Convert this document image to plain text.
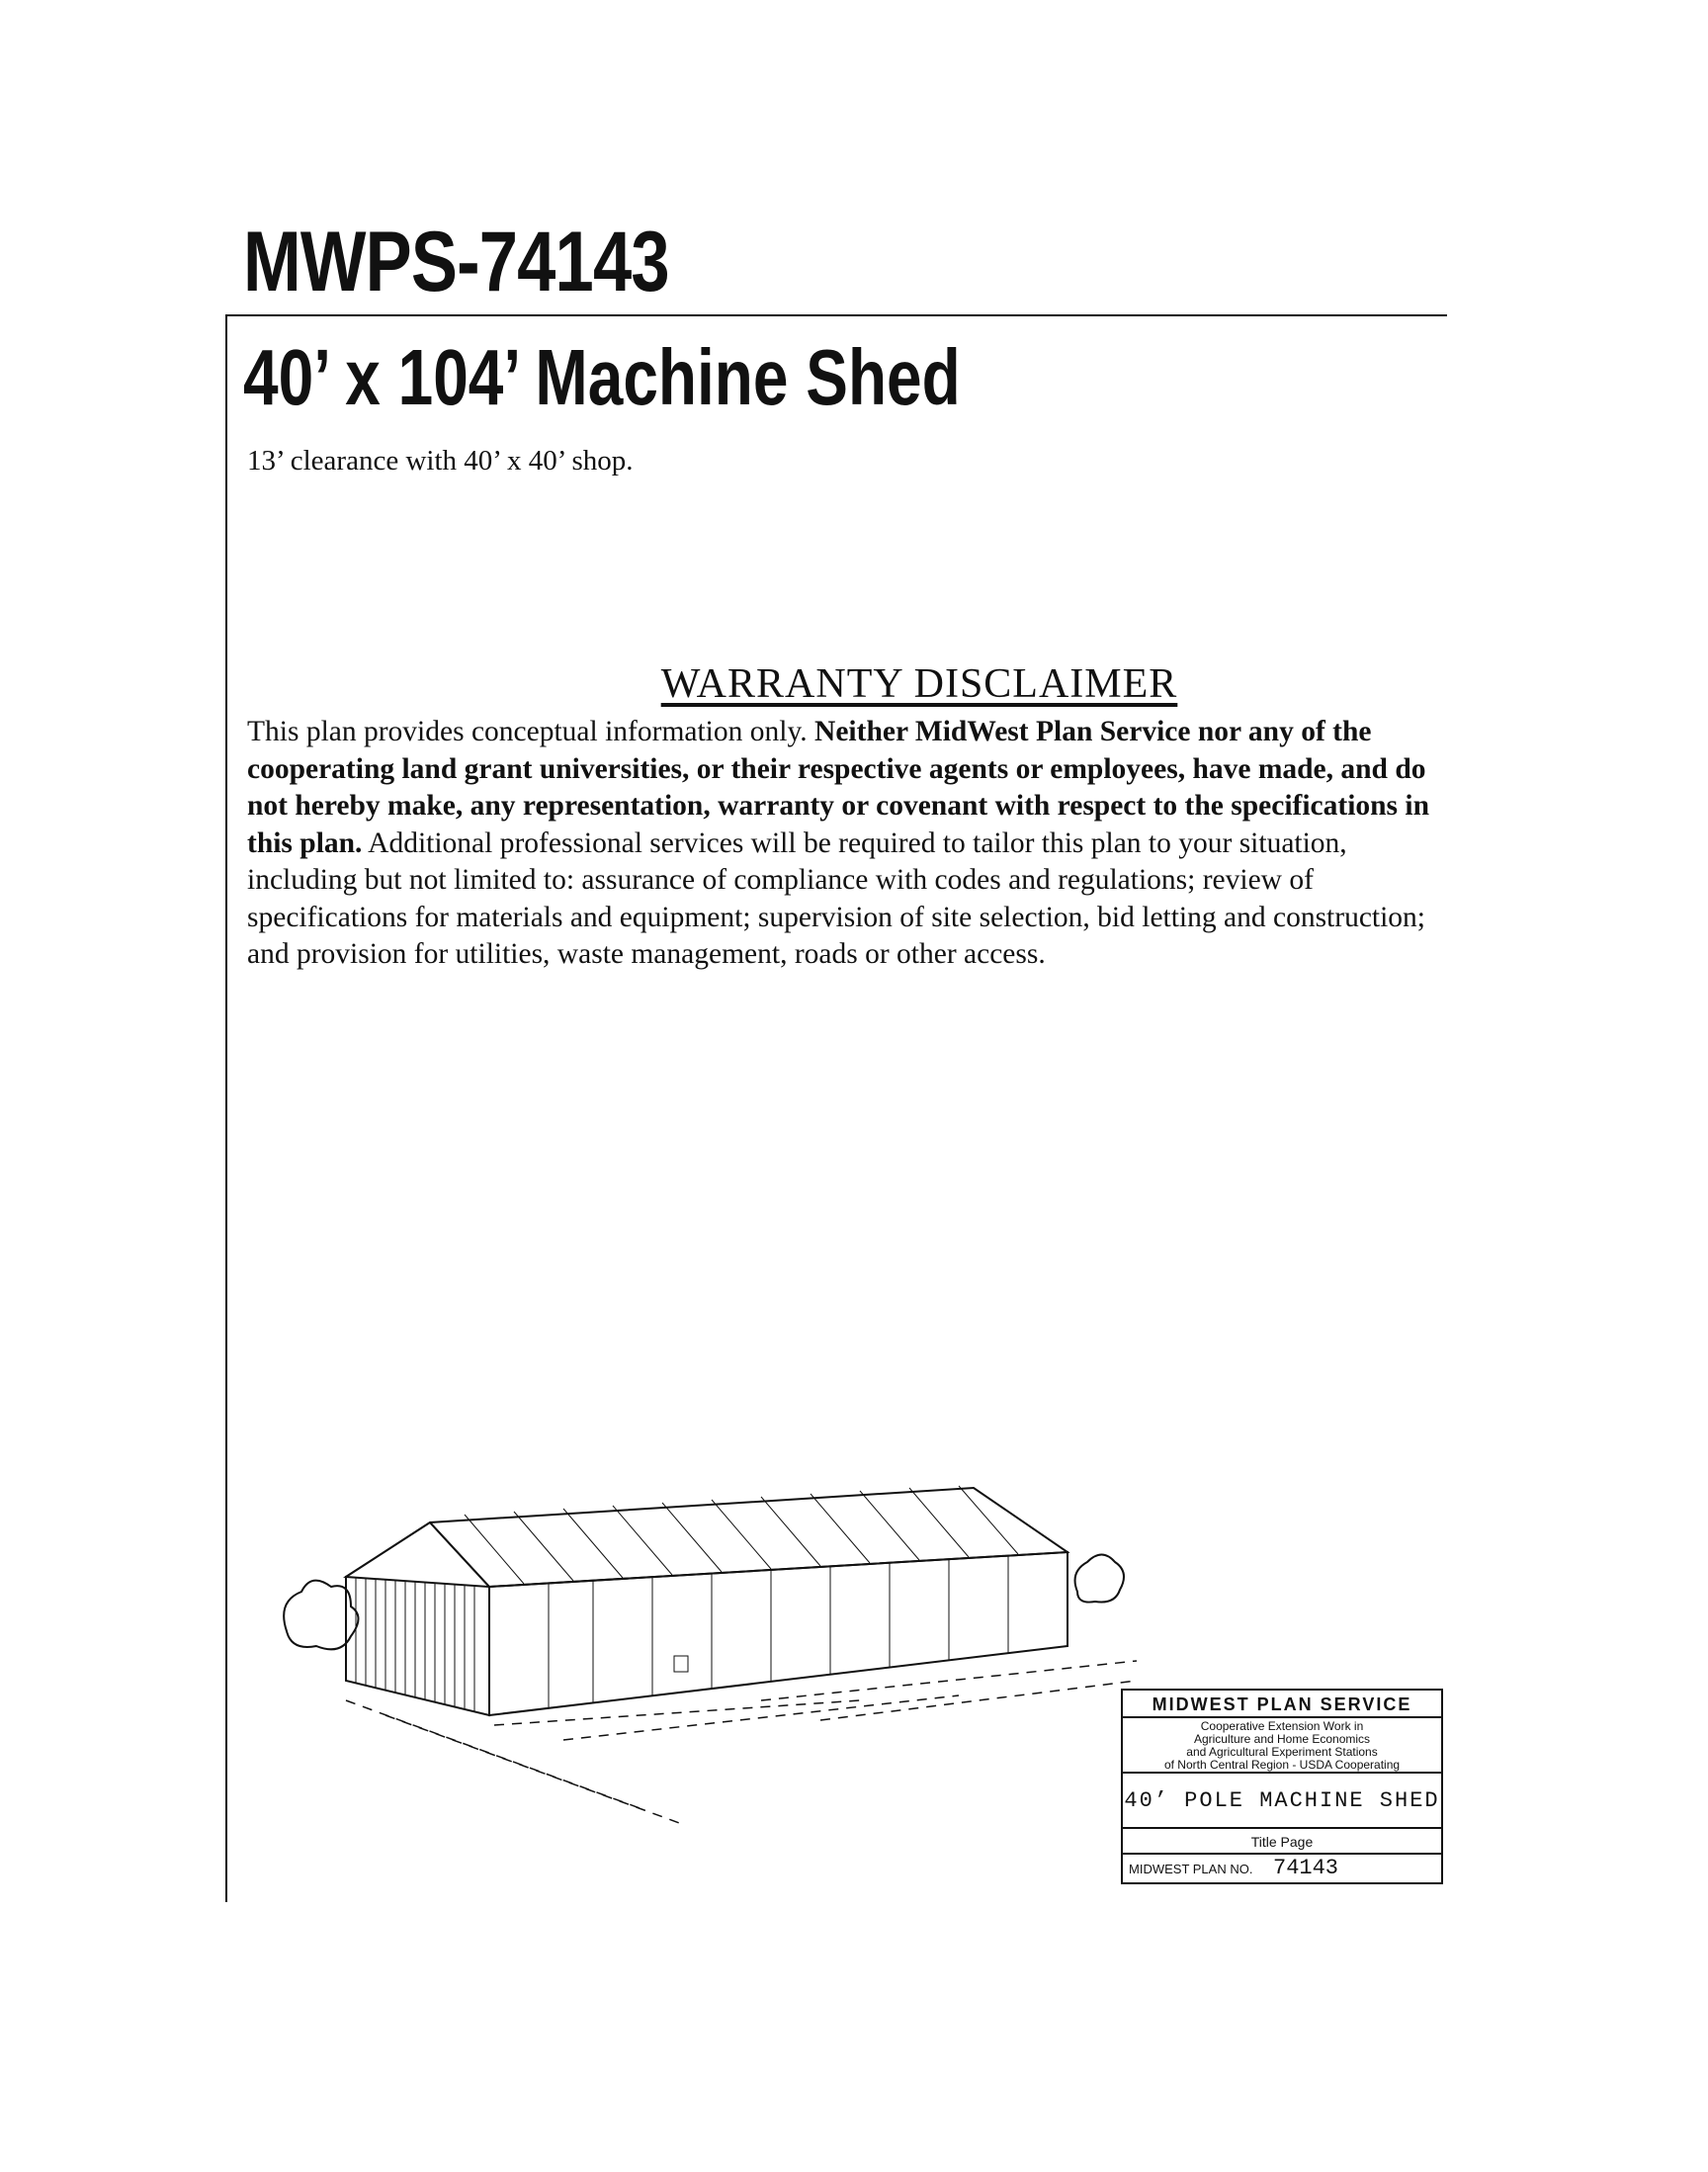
MWPS-74143
40’ x 104’ Machine Shed
13’ clearance with 40’ x 40’ shop.
WARRANTY DISCLAIMER

This plan provides conceptual information only. Neither MidWest Plan Service nor any of the cooperating land grant universities, or their respective agents or employees, have made, and do not hereby make, any representation, warranty or covenant with respect to the specifications in this plan. Additional professional services will be required to tailor this plan to your situation, including but not limited to: assurance of compliance with codes and regulations; review of specifications for materials and equipment; supervision of site selection, bid letting and construction; and provision for utilities, waste management, roads or other access.

MIDWEST PLAN SERVICE
Cooperative Extension Work in
Agriculture and Home Economics
and Agricultural Experiment Stations
of North Central Region - USDA Cooperating
40’ POLE MACHINE SHED
Title Page
MIDWEST PLAN NO. 74143
